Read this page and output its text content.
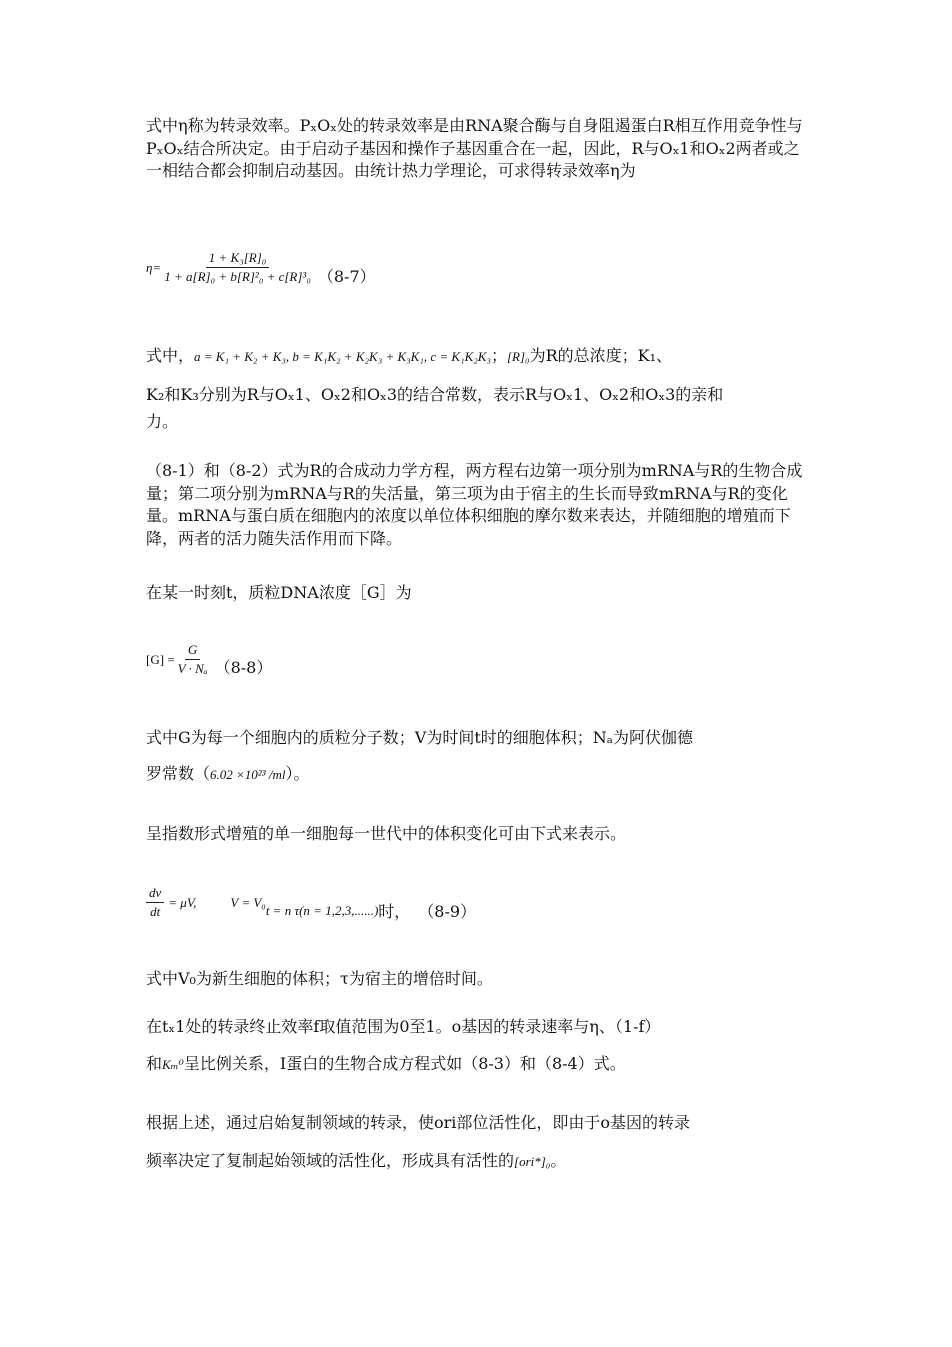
式中η称为转录效率。PₓOₓ处的转录效率是由RNA聚合酶与自身阻遏蛋白R相互作用竞争性与PₓOₓ结合所决定。由于启动子基因和操作子基因重合在一起，因此，R与Oₓ1和Oₓ2两者或之一相结合都会抑制启动基因。由统计热力学理论，可求得转录效率η为
$\eta= \frac{\text{1 + K₃[R]₀}}{\text{1 + a[R]₀ + b[R]²₀ + c[R]³₀}} (8-7)$
式中，a = K₁ + K₂ + K₃, b = K₁K₂ + K₂K₃ + K₃K₁, c = K₁K₂K₃；[R]₀为R的总浓度；K₁、
K₂和K₃分别为R与Oₓ1、Oₓ2和Oₓ3的结合常数，表示R与Oₓ1、Oₓ2和Oₓ3的亲和
力。
（8-1）和（8-2）式为R的合成动力学方程，两方程右边第一项分别为mRNA与R的生物合成量；第二项分别为mRNA与R的失活量，第三项为由于宿主的生长而导致mRNA与R的变化量。mRNA与蛋白质在细胞内的浓度以单位体积细胞的摩尔数来表达，并随细胞的增殖而下降，两者的活力随失活作用而下降。
在某一时刻t，质粒DNA浓度［G］为
$[G] = \frac{G}{\text{V · Nₐ}} (8-8)$
式中G为每一个细胞内的质粒分子数；V为时间t时的细胞体积；Nₐ为阿伏伽德
罗常数（6.02 ×10²³ /ml）。
呈指数形式增殖的单一细胞每一世代中的体积变化可由下式来表示。
$\frac{dv}{dt} = \mu V$,	V = V₀
t = n τ(n = 1,2,3,......) 时， （8-9）
式中V₀为新生细胞的体积；τ为宿主的增倍时间。
在tₓ1处的转录终止效率f取值范围为0至1。o基因的转录速率与η、（1-f）
和Kₘ⁰呈比例关系，I蛋白的生物合成方程式如（8-3）和（8-4）式。
根据上述，通过启始复制领域的转录，使ori部位活性化，即由于o基因的转录
频率决定了复制起始领域的活性化，形成具有活性的[ori*]₀。
